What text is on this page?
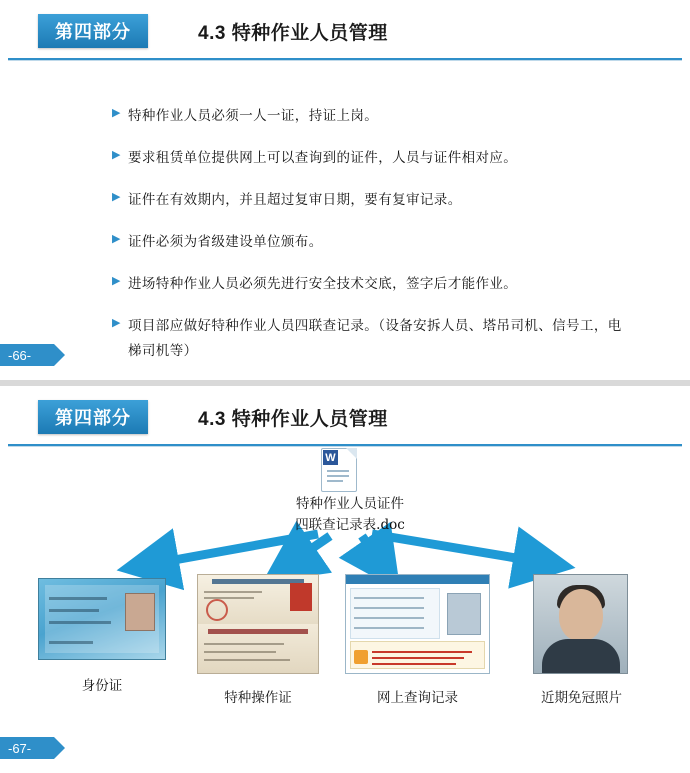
第四部分	4.3 特种作业人员管理
▶ 特种作业人员必须一人一证，持证上岗。
▶ 要求租赁单位提供网上可以查询到的证件，人员与证件相对应。
▶ 证件在有效期内，并且超过复审日期，要有复审记录。
▶ 证件必须为省级建设单位颁布。
▶ 进场特种作业人员必须先进行安全技术交底，签字后才能作业。
▶ 项目部应做好特种作业人员四联查记录。（设备安拆人员、塔吊司机、信号工，电梯司机等）
-66-
第四部分	4.3 特种作业人员管理
W
特种作业人员证件
四联查记录表.doc
身份证
特种操作证	网上查询记录	近期免冠照片
-67-
